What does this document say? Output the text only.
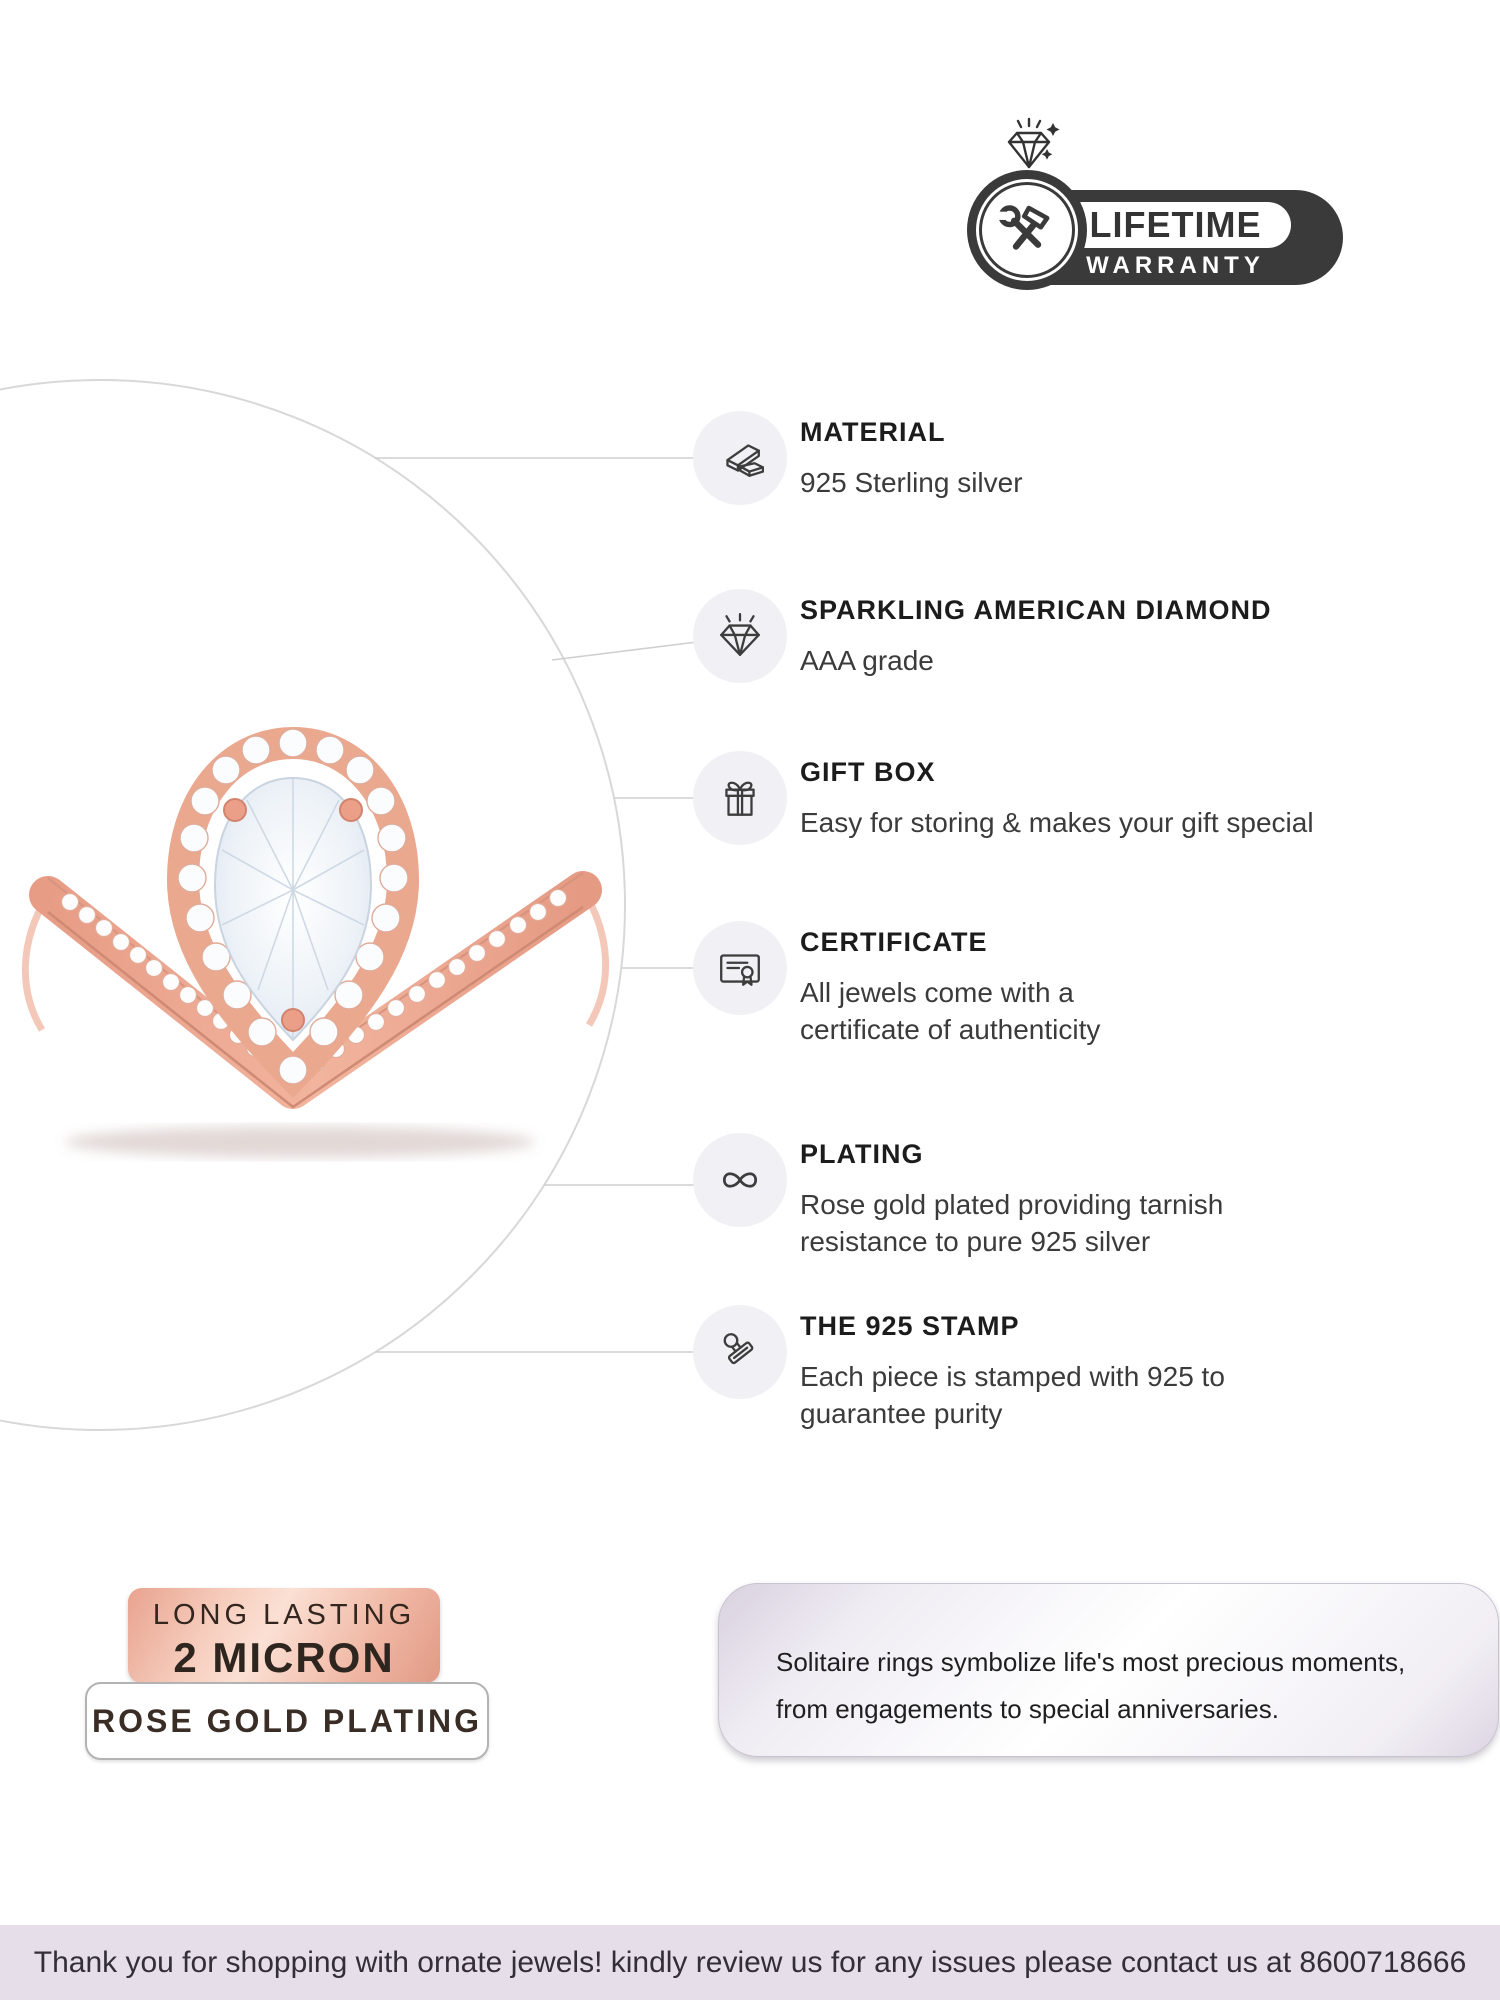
LIFETIME
WARRANTY
MATERIAL
925 Sterling silver
SPARKLING AMERICAN DIAMOND
AAA grade
GIFT BOX
Easy for storing & makes your gift special
CERTIFICATE
All jewels come with a
certificate of authenticity
PLATING
Rose gold plated providing tarnish
resistance to pure 925 silver
THE 925 STAMP
Each piece is stamped with 925 to
guarantee purity
LONG LASTING
2 MICRON
ROSE GOLD PLATING
Solitaire rings symbolize life's most precious moments,
from engagements to special anniversaries.
Thank you for shopping with ornate jewels! kindly review us for any issues please contact us at 8600718666
